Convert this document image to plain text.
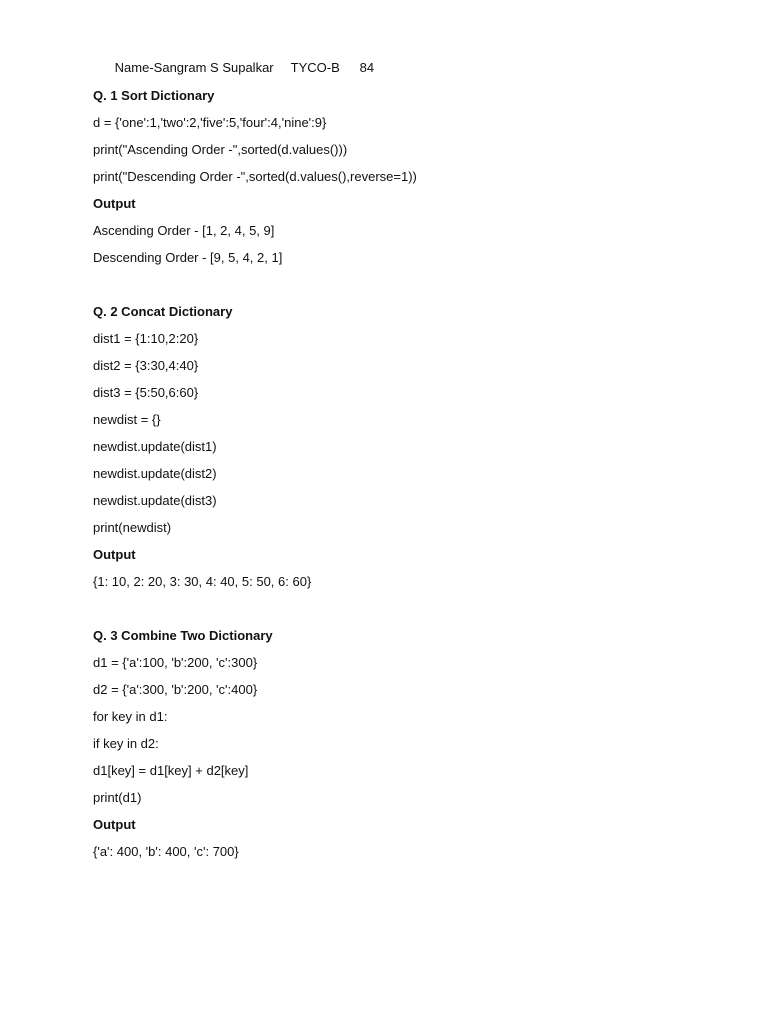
Name-Sangram S Supalkar TYCO-B 84

Q. 1 Sort Dictionary
d = {'one':1,'two':2,'five':5,'four':4,'nine':9}
print("Ascending Order -",sorted(d.values()))
print("Descending Order -",sorted(d.values(),reverse=1))
Output
Ascending Order - [1, 2, 4, 5, 9]
Descending Order - [9, 5, 4, 2, 1]
Q. 2 Concat Dictionary
dist1 = {1:10,2:20}
dist2 = {3:30,4:40}
dist3 = {5:50,6:60}
newdist = {}
newdist.update(dist1)
newdist.update(dist2)
newdist.update(dist3)
print(newdist)
Output
{1: 10, 2: 20, 3: 30, 4: 40, 5: 50, 6: 60}
Q. 3 Combine Two Dictionary
d1 = {'a':100, 'b':200, 'c':300}
d2 = {'a':300, 'b':200, 'c':400}
for key in d1:
if key in d2:
d1[key] = d1[key] + d2[key]
print(d1)
Output
{'a': 400, 'b': 400, 'c': 700}
